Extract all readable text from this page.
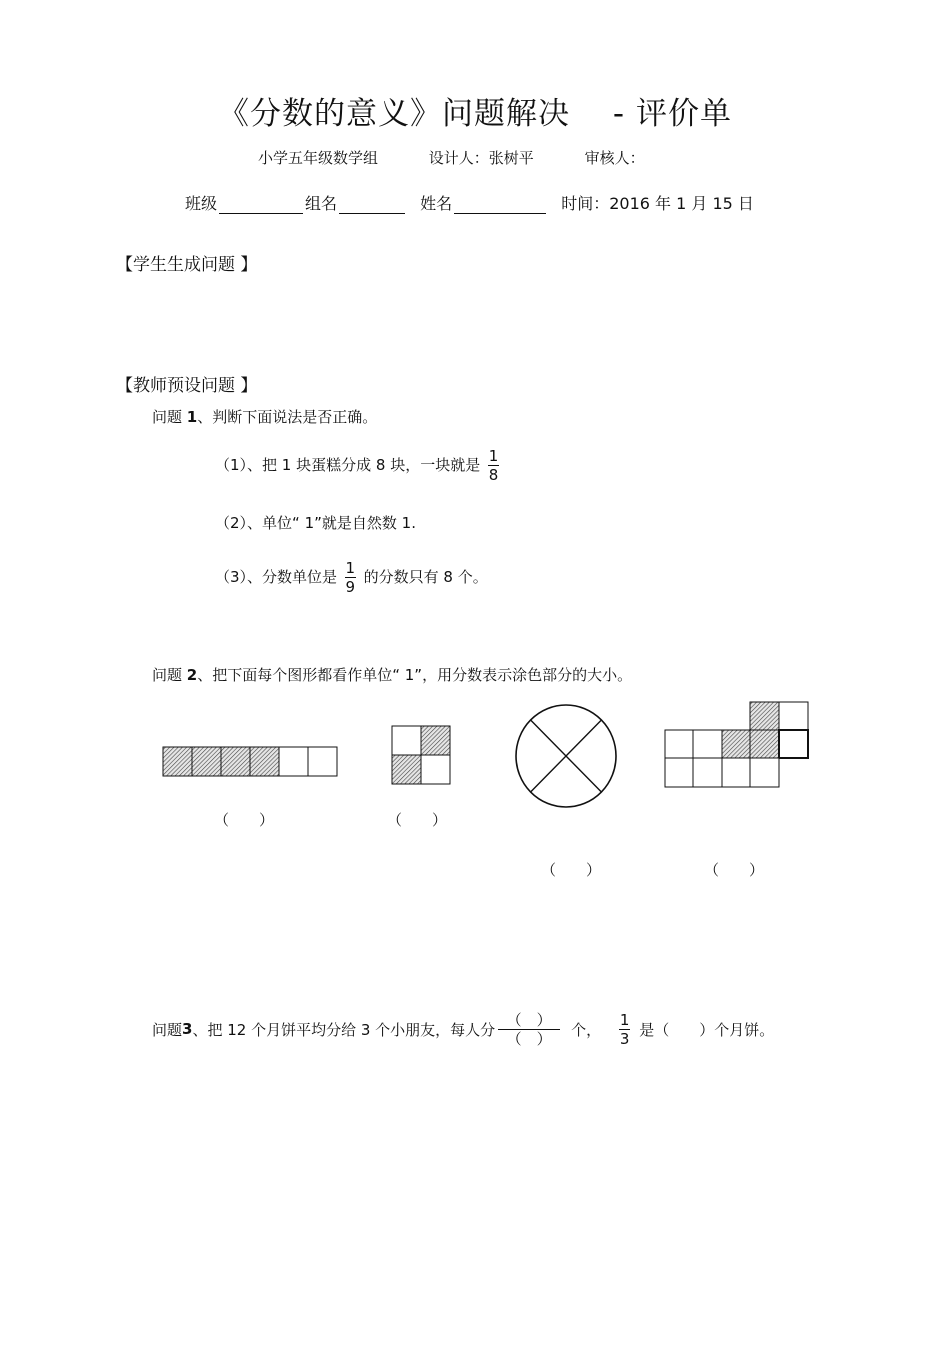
《分数的意义》问题解决　 - 评价单
小学五年级数学组	设计人：张树平	审核人：
班级	组名	姓名	时间：2016 年 1 月 15 日
【学生生成问题 】
【教师预设问题 】
问题 1、判断下面说法是否正确。
（1）、把 1 块蛋糕分成 8 块，一块就是 $\frac{1}{8}$
（2）、单位“ 1”就是自然数 1.
（3）、分数单位是 $\frac{1}{9}$ 的分数只有 8 个。
问题 2、把下面每个图形都看作单位“ 1”，用分数表示涂色部分的大小。
（　　）	（　　）
（　　）	（　　）
问题 3 、把 12 个月饼平均分给 3 个小朋友，每人分 $\frac{( )}{( )}$ 个， $\frac{1}{3}$ 是（　　）个月饼。
